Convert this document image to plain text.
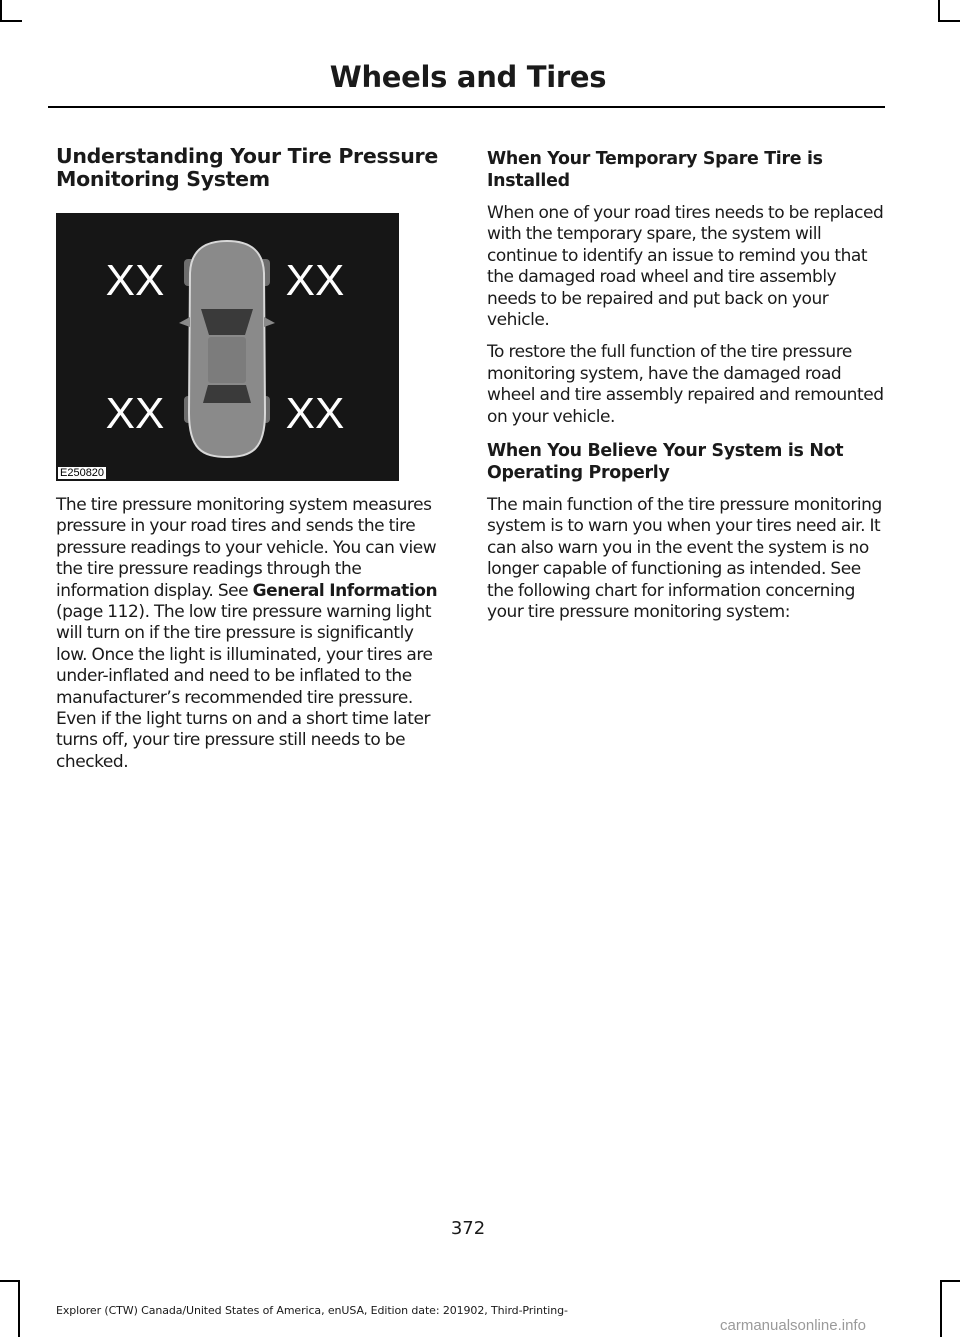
Wheels and Tires
Understanding Your Tire Pressure Monitoring System
XX	XX
XX	XX
E250820

The tire pressure monitoring system measures pressure in your road tires and sends the tire pressure readings to your vehicle. You can view the tire pressure readings through the information display. See General Information (page 112). The low tire pressure warning light will turn on if the tire pressure is significantly low. Once the light is illuminated, your tires are under-inflated and need to be inflated to the manufacturer’s recommended tire pressure. Even if the light turns on and a short time later turns off, your tire pressure still needs to be checked.

When Your Temporary Spare Tire is Installed

When one of your road tires needs to be replaced with the temporary spare, the system will continue to identify an issue to remind you that the damaged road wheel and tire assembly needs to be repaired and put back on your vehicle.

To restore the full function of the tire pressure monitoring system, have the damaged road wheel and tire assembly repaired and remounted on your vehicle.

When You Believe Your System is Not Operating Properly

The main function of the tire pressure monitoring system is to warn you when your tires need air. It can also warn you in the event the system is no longer capable of functioning as intended. See the following chart for information concerning your tire pressure monitoring system:

372

Explorer (CTW) Canada/United States of America, enUSA, Edition date: 201902, Third-Printing-

carmanualsonline.info
